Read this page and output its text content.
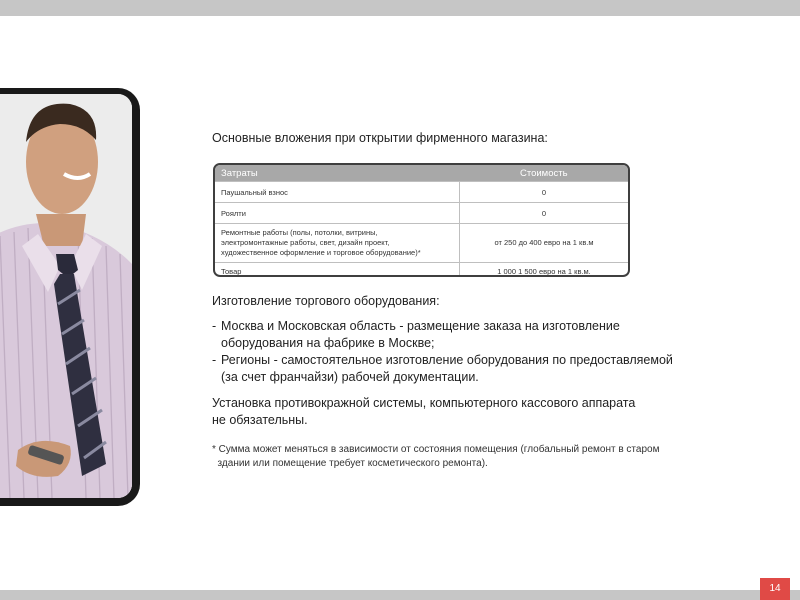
Основные вложения при открытии фирменного магазина:
Затраты	Стоимость
Паушальный взнос	0
Роялти	0

Ремонтные работы (полы, потолки, витрины,
электромонтажные работы, свет, дизайн проект,
художественное оформление и торговое оборудование)*	от 250 до 400 евро на 1 кв.м
Товар	1 000 1 500 евро на 1 кв.м.
Изготовление торгового оборудования:
- Москва и Московская область - размещение заказа на изготовление
оборудования на фабрике в Москве;
- Регионы - самостоятельное изготовление оборудования по предоставляемой
(за счет франчайзи) рабочей документации.
Установка противокражной системы, компьютерного кассового аппарата
не обязательны.
* Сумма может меняться в зависимости от состояния помещения (глобальный ремонт в старом
здании или помещение требует косметического ремонта).
14
